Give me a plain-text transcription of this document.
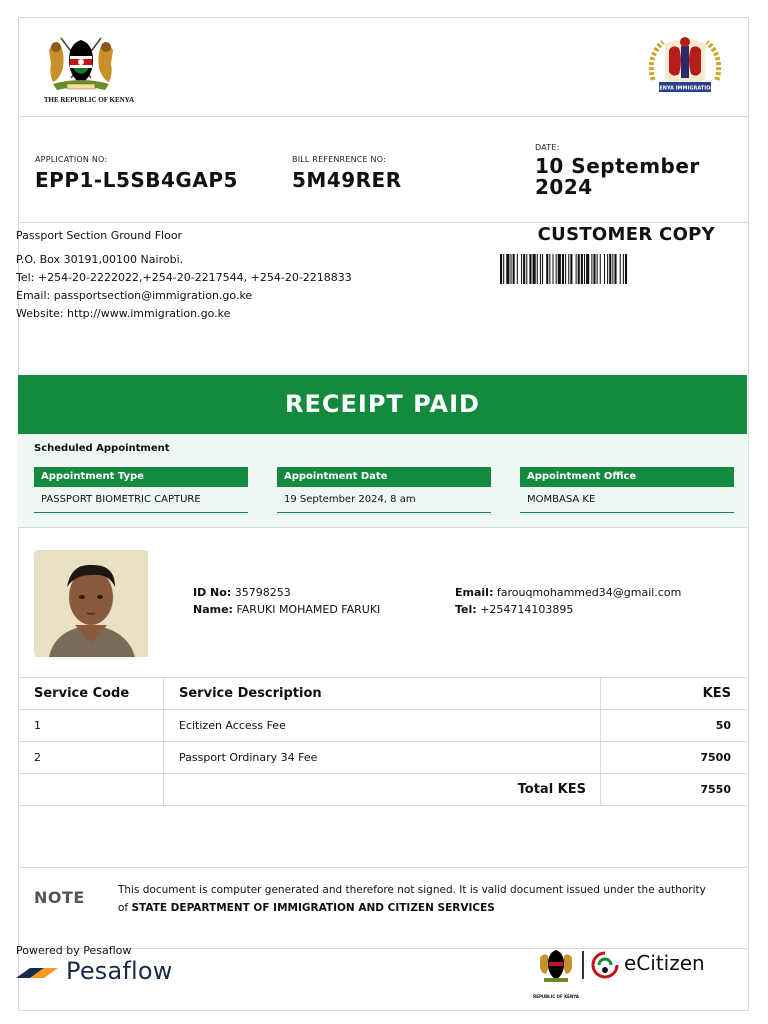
THE REPUBLIC OF KENYA
KENYA IMMIGRATION
APPLICATION NO:
EPP1-L5SB4GAP5
BILL REFENRENCE NO:
5M49RER
DATE:
10 September 2024
Passport Section Ground Floor
P.O. Box 30191,00100 Nairobi.
Tel: +254-20-2222022,+254-20-2217544, +254-20-2218833
Email: passportsection@immigration.go.ke
Website: http://www.immigration.go.ke
CUSTOMER COPY
RECEIPT PAID
Scheduled Appointment
Appointment Type
PASSPORT BIOMETRIC CAPTURE
Appointment Date
19 September 2024, 8 am
Appointment Office
MOMBASA KE
ID No: 35798253
Name: FARUKI MOHAMED FARUKI
Email: farouqmohammed34@gmail.com
Tel: +254714103895
Service Code	Service Description	KES
1	Ecitizen Access Fee	50
2	Passport Ordinary 34 Fee	7500
Total KES	7550
NOTE	This document is computer generated and therefore not signed. It is valid document issued under the authority of STATE DEPARTMENT OF IMMIGRATION AND CITIZEN SERVICES
Powered by Pesaflow
Pesaflow
REPUBLIC OF KENYA
eCitizen
